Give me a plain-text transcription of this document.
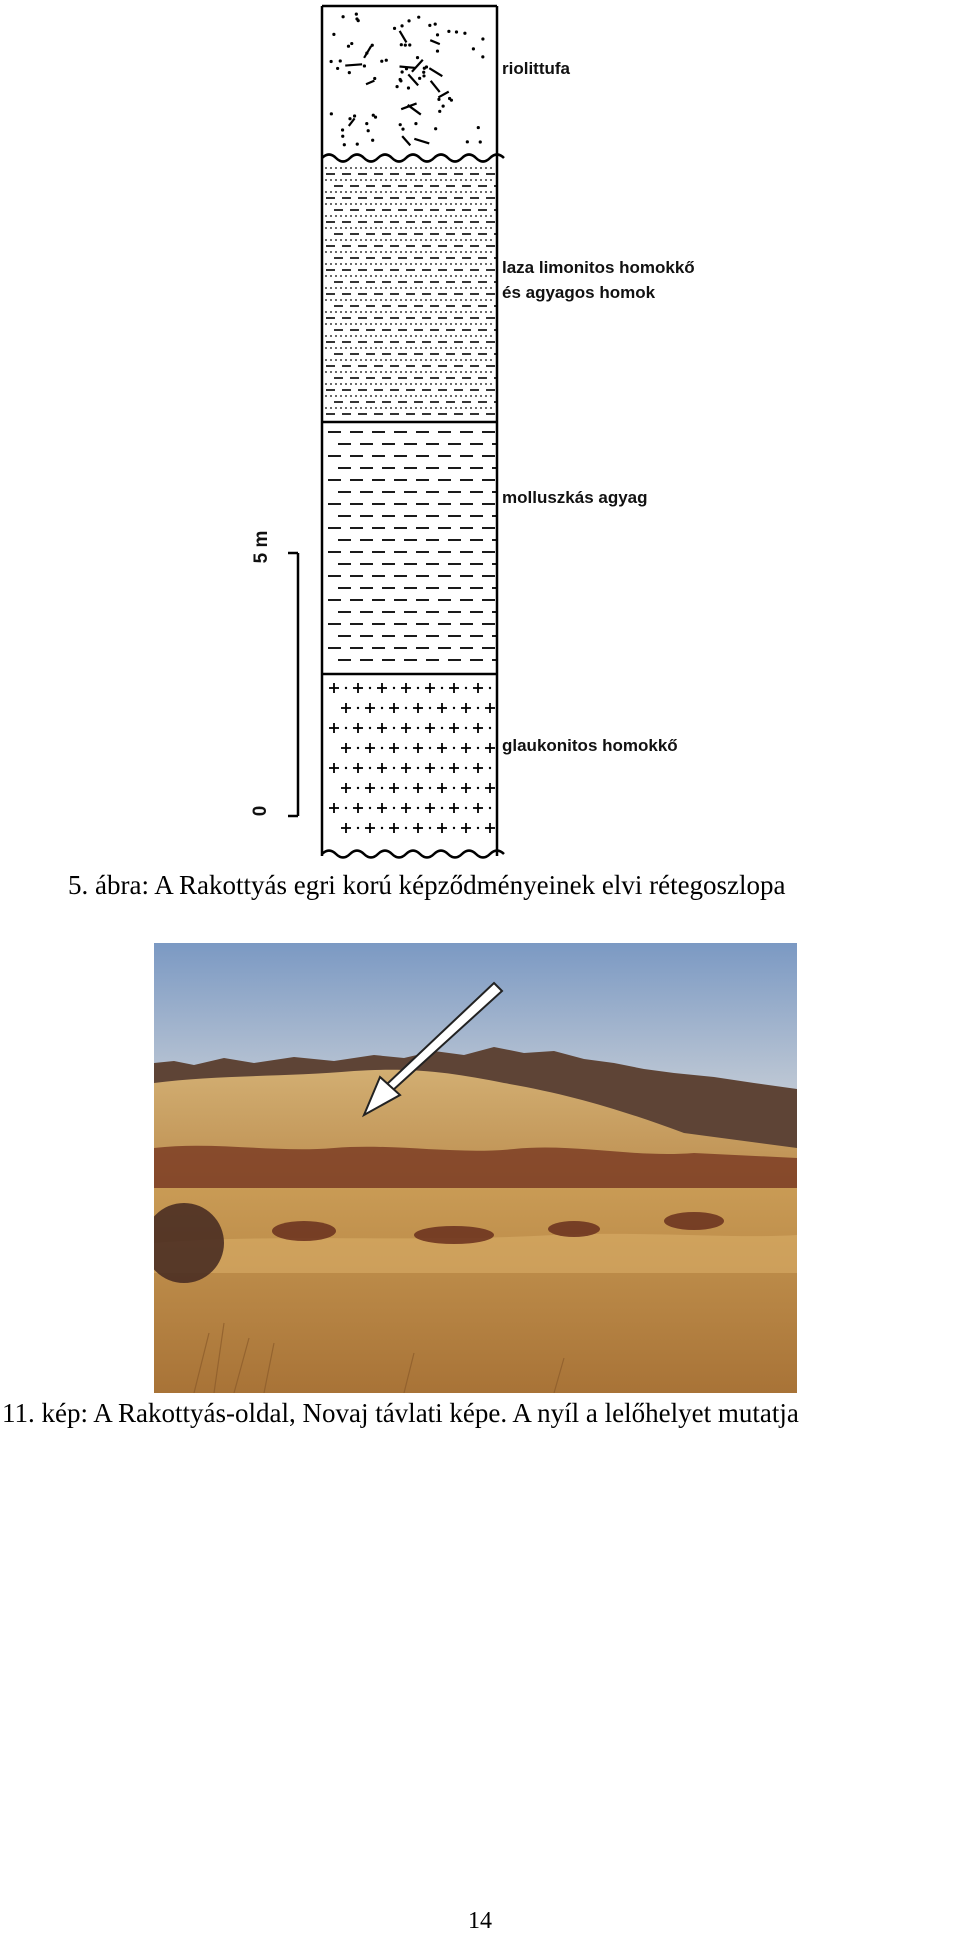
riolittufa
laza limonitos homokkő
és agyagos homok
molluszkás agyag
glaukonitos homokkő
5 m
0
5. ábra: A Rakottyás egri korú képződményeinek elvi rétegoszlopa
11. kép: A Rakottyás-oldal, Novaj távlati képe. A nyíl a lelőhelyet mutatja
14
